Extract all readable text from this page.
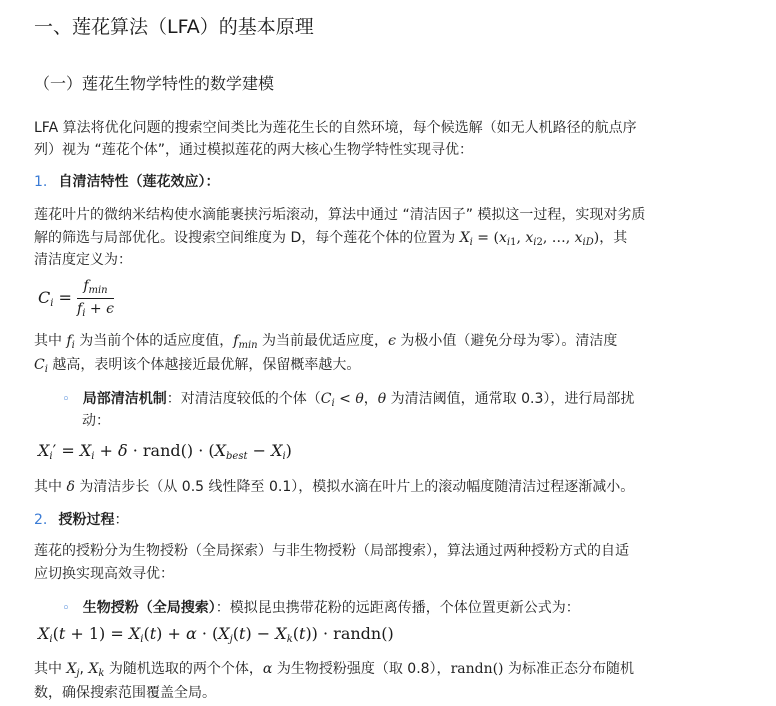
一、莲花算法（LFA）的基本原理
（一）莲花生物学特性的数学建模
LFA 算法将优化问题的搜索空间类比为莲花生长的自然环境，每个候选解（如无人机路径的航点序
列）视为 “莲花个体”，通过模拟莲花的两大核心生物学特性实现寻优：
1. 自清洁特性（莲花效应）：
莲花叶片的微纳米结构使水滴能裹挟污垢滚动，算法中通过 “清洁因子” 模拟这一过程，实现对劣质
解的筛选与局部优化。设搜索空间维度为 D，每个莲花个体的位置为 $X_i = (x_{i1}$, $x_{i2}$, …, $x_{iD}$)，其
清洁度定义为：
$C_i = \frac{f_{min}}{f_i + \epsilon}$
其中 $f_i$ 为当前个体的适应度值，$f_{min}$ 为当前最优适应度，ϵ 为极小值（避免分母为零）。清洁度
$C_i$ 越高，表明该个体越接近最优解，保留概率越大。
◦ 局部清洁机制：对清洁度较低的个体（$C_i < \theta$，θ 为清洁阈值，通常取 0.3），进行局部扰
动：
$X_i' = X_i + \delta$ · rand() · $(X_{best} - X_i)$
其中 δ 为清洁步长（从 0.5 线性降至 0.1），模拟水滴在叶片上的滚动幅度随清洁过程逐渐减小。
2. 授粉过程：
莲花的授粉分为生物授粉（全局探索）与非生物授粉（局部搜索），算法通过两种授粉方式的自适
应切换实现高效寻优：
◦ 生物授粉（全局搜索）：模拟昆虫携带花粉的远距离传播，个体位置更新公式为：
$X_i(t + 1) = X_i(t) + \alpha \cdot (X_j(t) - X_k(t))$ · randn()
其中 $X_j$, $X_k$ 为随机选取的两个个体，α 为生物授粉强度（取 0.8），randn() 为标准正态分布随机
数，确保搜索范围覆盖全局。
